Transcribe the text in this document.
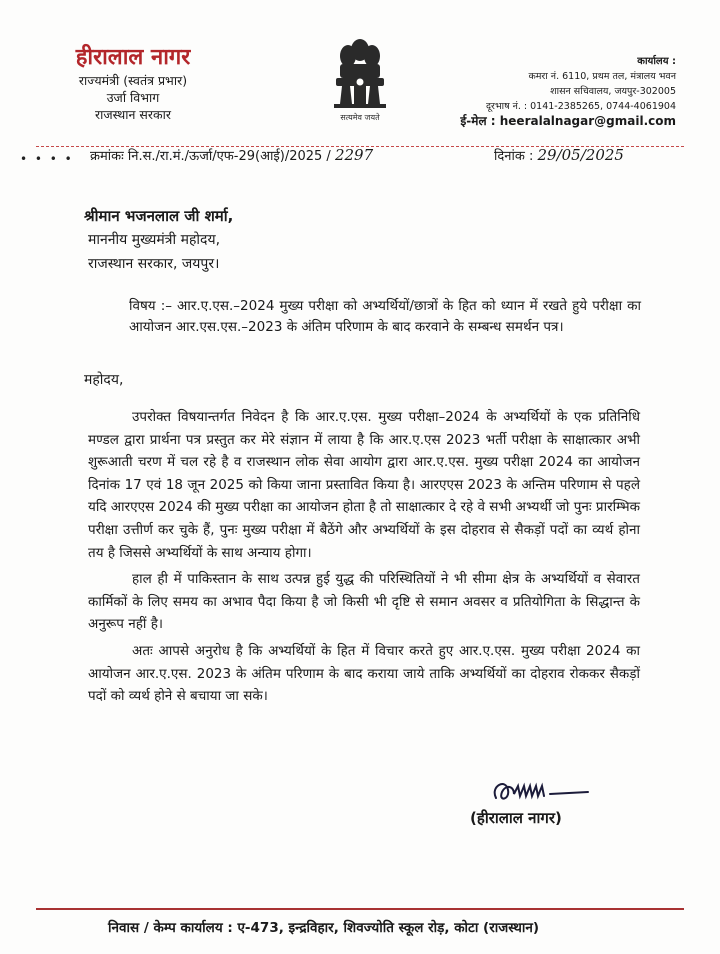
हीरालाल नागर
राज्यमंत्री (स्वतंत्र प्रभार)
उर्जा विभाग
राजस्थान सरकार	सत्यमेव जयते
कार्यालय :
कमरा नं. 6110, प्रथम तल, मंत्रालय भवन
शासन सचिवालय, जयपुर-302005
दूरभाष नं. : 0141-2385265, 0744-4061904
ई-मेल : heeralalnagar@gmail.com
• • • • क्रमांकः नि.स./रा.मं./ऊर्जा/एफ-29(आई)/2025 / 2297	दिनांक : 29/05/2025
श्रीमान भजनलाल जी शर्मा,
माननीय मुख्यमंत्री महोदय,
राजस्थान सरकार, जयपुर।
विषय :– आर.ए.एस.–2024 मुख्य परीक्षा को अभ्यर्थियों/छात्रों के हित को ध्यान में रखते हुये परीक्षा का आयोजन आर.एस.एस.–2023 के अंतिम परिणाम के बाद करवाने के सम्बन्ध समर्थन पत्र।
महोदय,

उपरोक्त विषयान्तर्गत निवेदन है कि आर.ए.एस. मुख्य परीक्षा–2024 के अभ्यर्थियों के एक प्रतिनिधि मण्डल द्वारा प्रार्थना पत्र प्रस्तुत कर मेरे संज्ञान में लाया है कि आर.ए.एस 2023 भर्ती परीक्षा के साक्षात्कार अभी शुरूआती चरण में चल रहे है व राजस्थान लोक सेवा आयोग द्वारा आर.ए.एस. मुख्य परीक्षा 2024 का आयोजन दिनांक 17 एवं 18 जून 2025 को किया जाना प्रस्तावित किया है। आरएएस 2023 के अन्तिम परिणाम से पहले यदि आरएएस 2024 की मुख्य परीक्षा का आयोजन होता है तो साक्षात्कार दे रहे वे सभी अभ्यर्थी जो पुनः प्रारम्भिक परीक्षा उत्तीर्ण कर चुके हैं, पुनः मुख्य परीक्षा में बैठेंगे और अभ्यर्थियों के इस दोहराव से सैकड़ों पदों का व्यर्थ होना तय है जिससे अभ्यर्थियों के साथ अन्याय होगा।

हाल ही में पाकिस्तान के साथ उत्पन्न हुई युद्ध की परिस्थितियों ने भी सीमा क्षेत्र के अभ्यर्थियों व सेवारत कार्मिकों के लिए समय का अभाव पैदा किया है जो किसी भी दृष्टि से समान अवसर व प्रतियोगिता के सिद्धान्त के अनुरूप नहीं है।

अतः आपसे अनुरोध है कि अभ्यर्थियों के हित में विचार करते हुए आर.ए.एस. मुख्य परीक्षा 2024 का आयोजन आर.ए.एस. 2023 के अंतिम परिणाम के बाद कराया जाये ताकि अभ्यर्थियों का दोहराव रोककर सैकड़ों पदों को व्यर्थ होने से बचाया जा सके।

(हीरालाल नागर)
निवास / केम्प कार्यालय : ए-473, इन्द्रविहार, शिवज्योति स्कूल रोड़, कोटा (राजस्थान)
